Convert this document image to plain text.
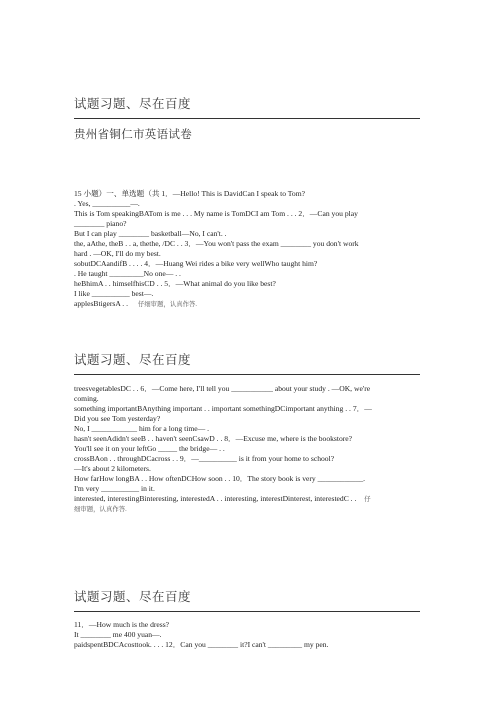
试题习题、尽在百度
贵州省铜仁市英语试卷
15 小题）一、单选题（共 1．—Hello! This is DavidCan I speak to Tom?
. Yes, __________—.
This is Tom speakingBATom is me . . . My name is TomDCI am Tom . . . 2．—Can you play
________ piano?
But I can play ________ basketball—No, I can't. .
the, aAthe, theB . . a, thethe, /DC . . 3．—You won't pass the exam ________ you don't work
hard . —OK, I'll do my best.
sobutDCAandifB . . . . 4．—Huang Wei rides a bike very wellWho taught him?
. He taught _________No one— . .
heBhimA . . himselfhisCD . . 5．—What animal do you like best?
I like __________ best—.
applesBtigersA . . 仔细审题，认真作答.
试题习题、尽在百度
treesvegetablesDC . . 6．—Come here, I'll tell you ___________ about your study . —OK, we're
coming.
something importantBAnything important . . important somethingDCimportant anything . . 7．—
Did you see Tom yesterday?
No, I ____________ him for a long time— .
hasn't seenAdidn't seeB . . haven't seenCsawD . . 8．—Excuse me, where is the bookstore?
You'll see it on your leftGo _____ the bridge— . .
crossBAon . . throughDCacross . . 9．—__________ is it from your home to school?
—It's about 2 kilometers.
How farHow longBA . . How oftenDCHow soon . . 10．The story book is very ____________.
I'm very __________ in it.
interested, interestingBinteresting, interestedA . . interesting, interestDinterest, interestedC . . 仔
细审题，认真作答.
试题习题、尽在百度
11．—How much is the dress?
It ________ me 400 yuan—.
paidspentBDCAcosttook. . . . 12．Can you ________ it?I can't _________ my pen.
